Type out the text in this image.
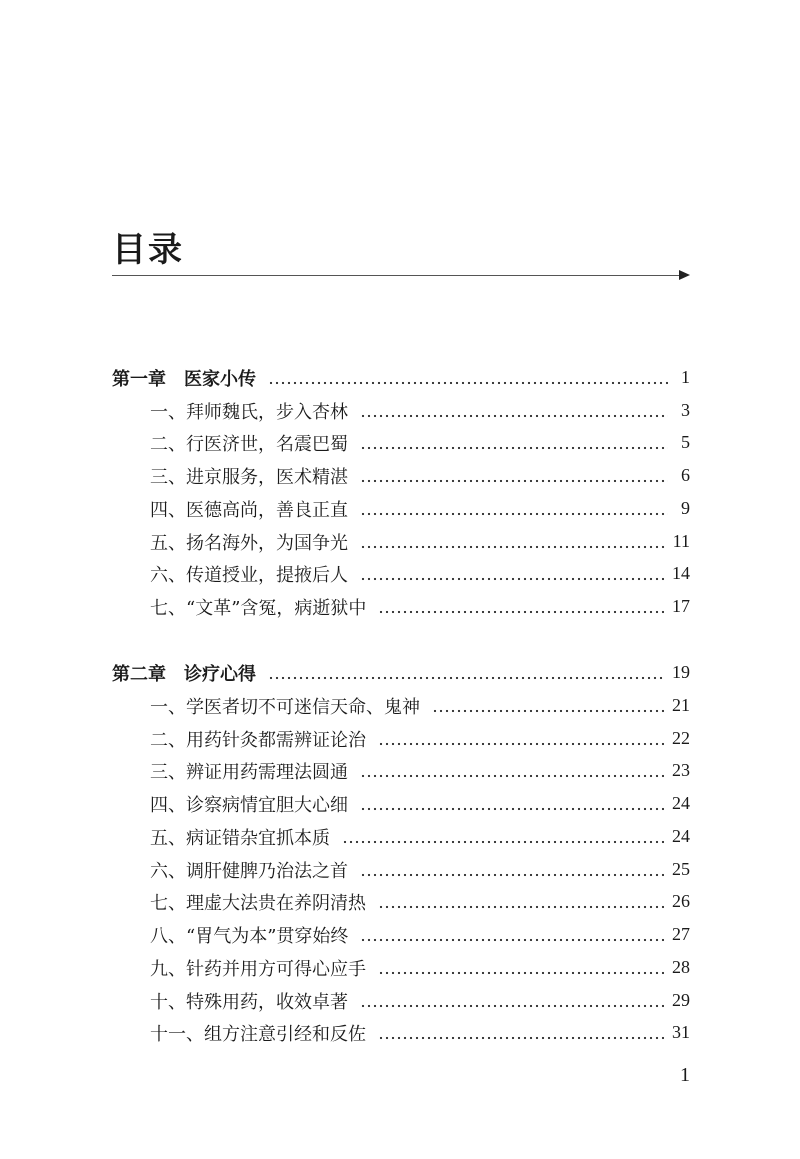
目录
第一章　医家小传	1
一、拜师魏氏，步入杏林	3
二、行医济世，名震巴蜀	5
三、进京服务，医术精湛	6
四、医德高尚，善良正直	9
五、扬名海外，为国争光	11
六、传道授业，提掖后人	14
七、“文革”含冤，病逝狱中	17
第二章　诊疗心得	19
一、学医者切不可迷信天命、鬼神	21
二、用药针灸都需辨证论治	22
三、辨证用药需理法圆通	23
四、诊察病情宜胆大心细	24
五、病证错杂宜抓本质	24
六、调肝健脾乃治法之首	25
七、理虚大法贵在养阴清热	26
八、“胃气为本”贯穿始终	27
九、针药并用方可得心应手	28
十、特殊用药，收效卓著	29
十一、组方注意引经和反佐	31
1
